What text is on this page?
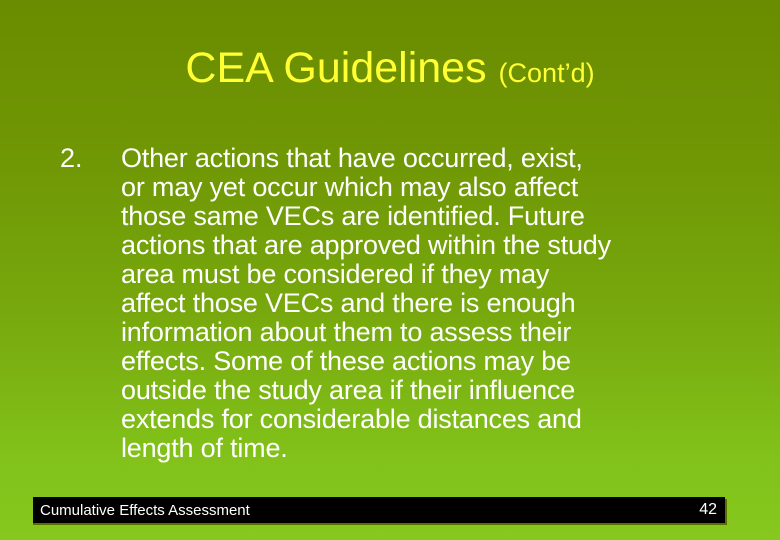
CEA Guidelines (Cont’d)
2. Other actions that have occurred, exist,
or may yet occur which may also affect
those same VECs are identified. Future
actions that are approved within the study
area must be considered if they may
affect those VECs and there is enough
information about them to assess their
effects. Some of these actions may be
outside the study area if their influence
extends for considerable distances and
length of time.
Cumulative Effects Assessment	42
